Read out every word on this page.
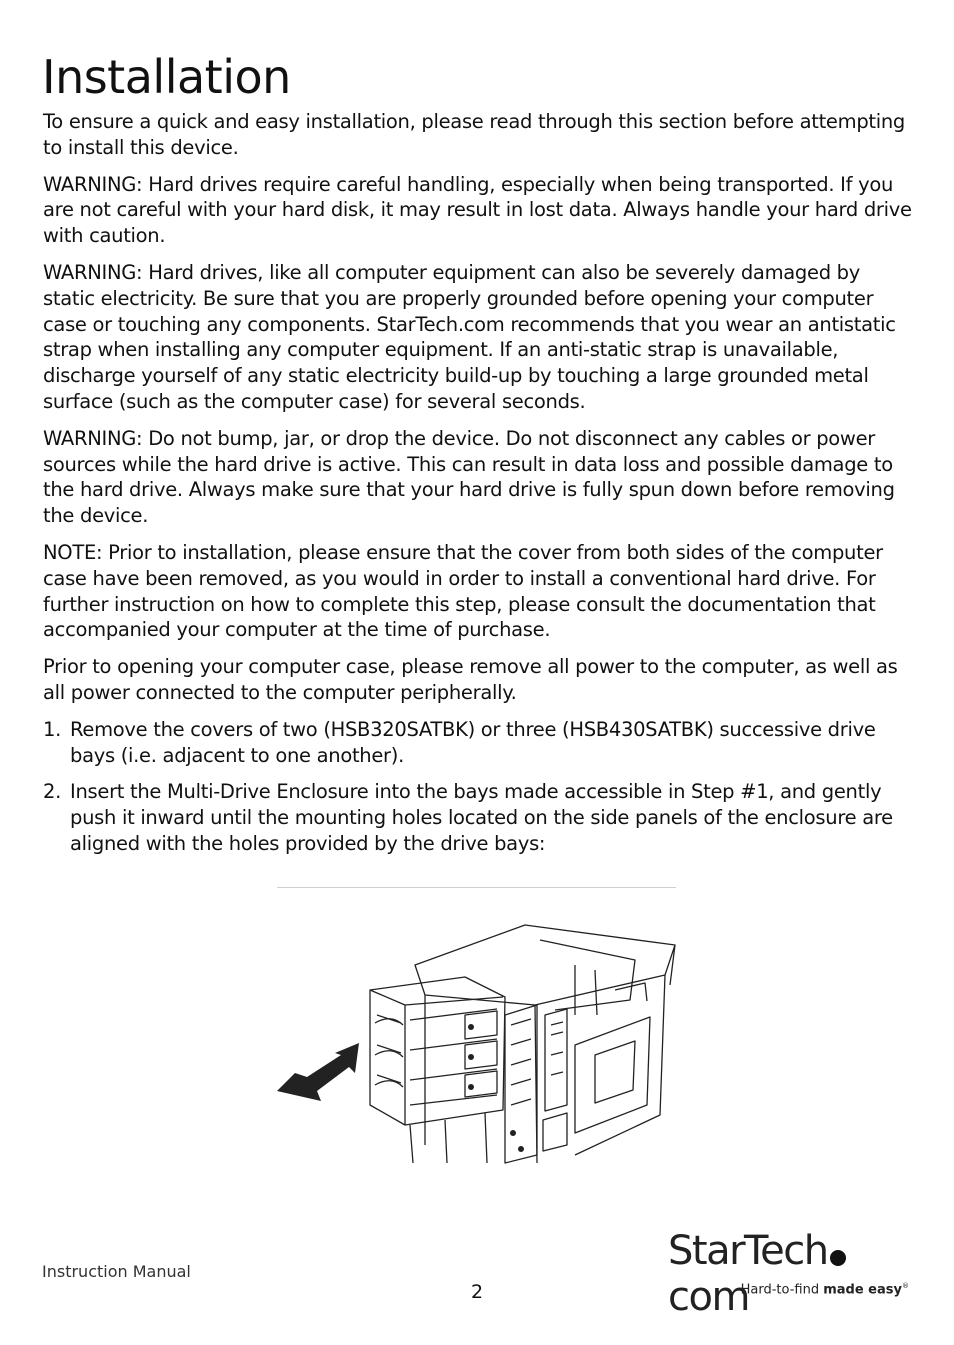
Installation

To ensure a quick and easy installation, please read through this section before attempting to install this device.

WARNING: Hard drives require careful handling, especially when being transported. If you are not careful with your hard disk, it may result in lost data. Always handle your hard drive with caution.

WARNING: Hard drives, like all computer equipment can also be severely damaged by static electricity. Be sure that you are properly grounded before opening your computer case or touching any components. StarTech.com recommends that you wear an antistatic strap when installing any computer equipment. If an anti-static strap is unavailable, discharge yourself of any static electricity build-up by touching a large grounded metal surface (such as the computer case) for several seconds.

WARNING: Do not bump, jar, or drop the device. Do not disconnect any cables or power sources while the hard drive is active. This can result in data loss and possible damage to the hard drive. Always make sure that your hard drive is fully spun down before removing the device.

NOTE: Prior to installation, please ensure that the cover from both sides of the computer case have been removed, as you would in order to install a conventional hard drive. For further instruction on how to complete this step, please consult the documentation that accompanied your computer at the time of purchase.

Prior to opening your computer case, please remove all power to the computer, as well as all power connected to the computer peripherally.

1. Remove the covers of two (HSB320SATBK) or three (HSB430SATBK) successive drive bays (i.e. adjacent to one another).
2. Insert the Multi-Drive Enclosure into the bays made accessible in Step #1, and gently push it inward until the mounting holes located on the side panels of the enclosure are aligned with the holes provided by the drive bays:
Instruction Manual
2
StarTechcom
Hard-to-find made easy®
